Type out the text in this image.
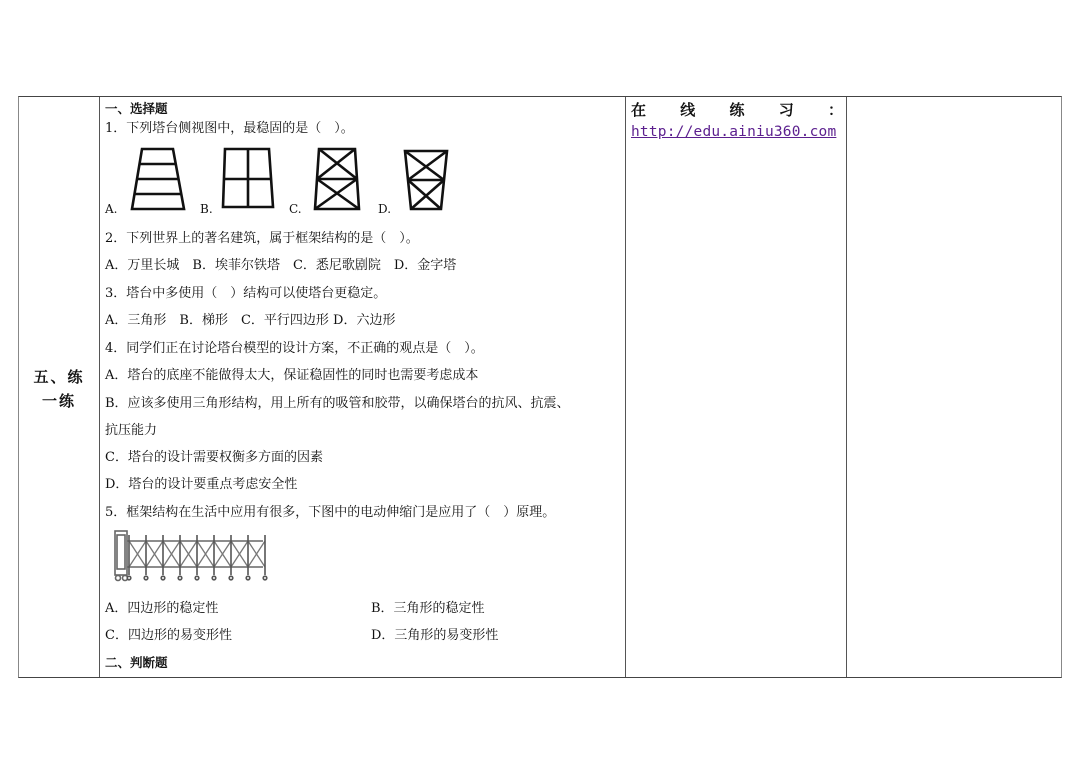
五、练
一练
一、选择题
1．下列塔台侧视图中，最稳固的是（　）。
A.	B.	C.	D.
2．下列世界上的著名建筑，属于框架结构的是（　）。
A．万里长城　B．埃菲尔铁塔　C．悉尼歌剧院　D．金字塔
3．塔台中多使用（　）结构可以使塔台更稳定。
A．三角形　B．梯形　C．平行四边形 D．六边形
4．同学们正在讨论塔台模型的设计方案，不正确的观点是（　）。
A．塔台的底座不能做得太大，保证稳固性的同时也需要考虑成本
B．应该多使用三角形结构，用上所有的吸管和胶带，以确保塔台的抗风、抗震、
抗压能力
C．塔台的设计需要权衡多方面的因素
D．塔台的设计要重点考虑安全性
5．框架结构在生活中应用有很多，下图中的电动伸缩门是应用了（　）原理。
A．四边形的稳定性	B．三角形的稳定性
C．四边形的易变形性	D．三角形的易变形性
二、判断题
在 线 练 习 ：
http://edu.ainiu360.com
